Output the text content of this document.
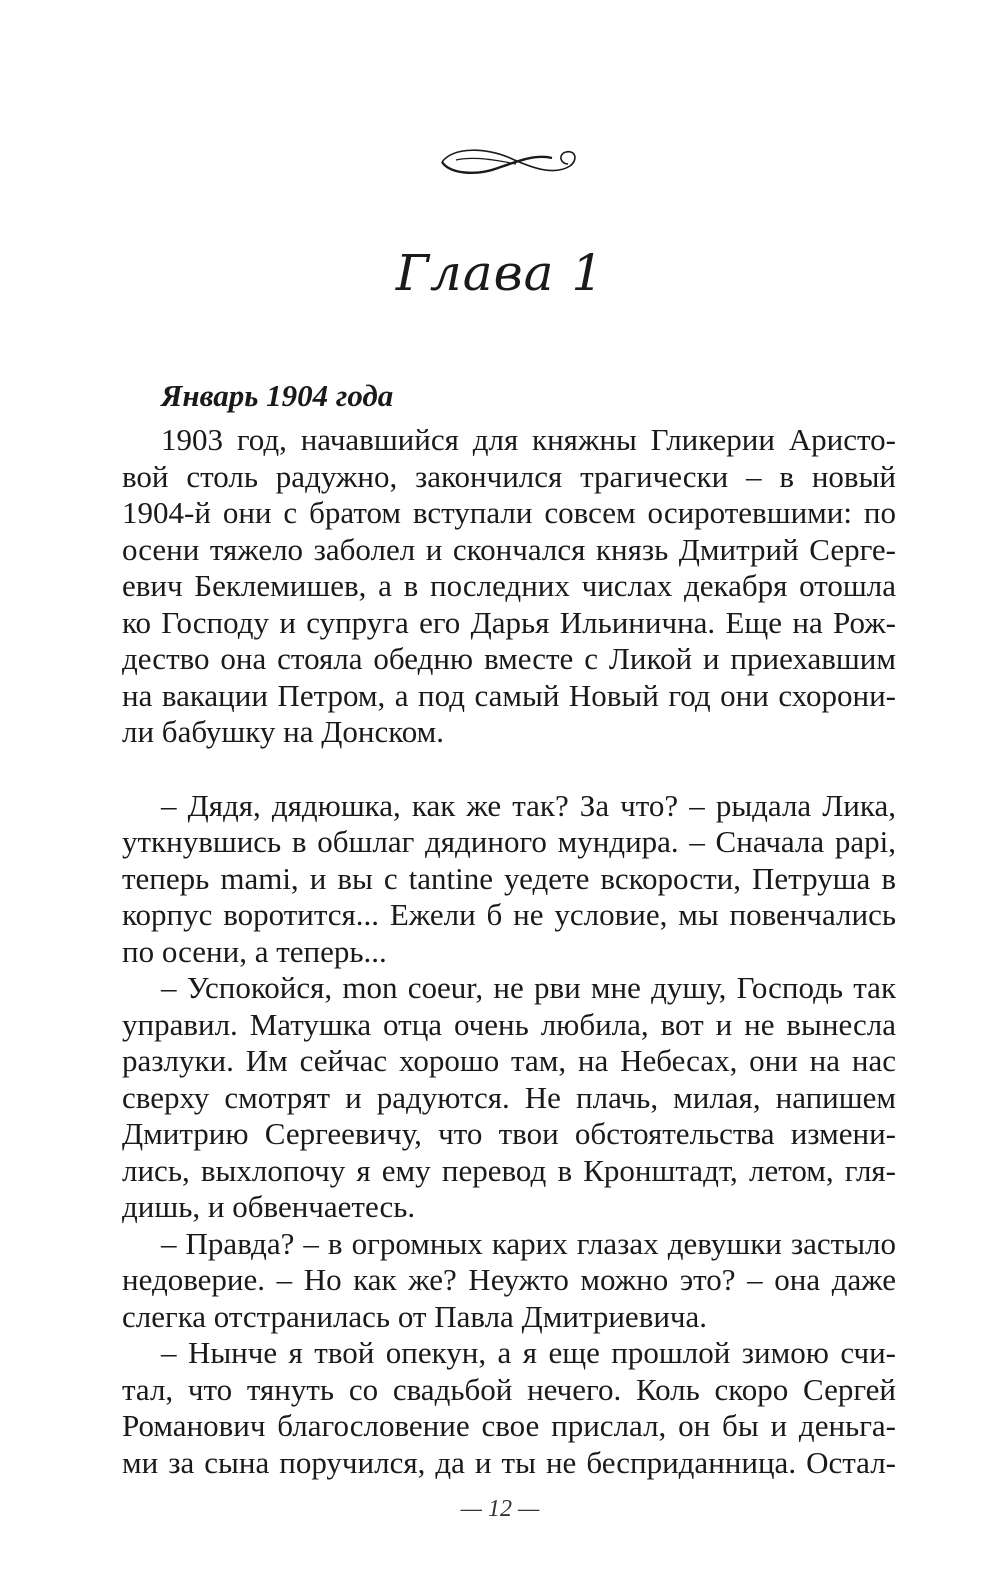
Глава 1
Январь 1904 года

1903 год, начавшийся для княжны Гликерии Аристо-
вой столь радужно, закончился трагически – в новый
1904-й они с братом вступали совсем осиротевшими: по
осени тяжело заболел и скончался князь Дмитрий Серге-
евич Беклемишев, а в последних числах декабря отошла
ко Господу и супруга его Дарья Ильинична. Еще на Рож-
дество она стояла обедню вместе с Ликой и приехавшим
на вакации Петром, а под самый Новый год они схорони-
ли бабушку на Донском.

– Дядя, дядюшка, как же так? За что? – рыдала Лика,
уткнувшись в обшлаг дядиного мундира. – Сначала papi,
теперь mami, и вы с tantine уедете вскорости, Петруша в
корпус воротится... Ежели б не условие, мы повенчались
по осени, а теперь...

– Успокойся, mon coeur, не рви мне душу, Господь так
управил. Матушка отца очень любила, вот и не вынесла
разлуки. Им сейчас хорошо там, на Небесах, они на нас
сверху смотрят и радуются. Не плачь, милая, напишем
Дмитрию Сергеевичу, что твои обстоятельства измени-
лись, выхлопочу я ему перевод в Кронштадт, летом, гля-
дишь, и обвенчаетесь.

– Правда? – в огромных карих глазах девушки застыло
недоверие. – Но как же? Неужто можно это? – она даже
слегка отстранилась от Павла Дмитриевича.

– Нынче я твой опекун, а я еще прошлой зимою счи-
тал, что тянуть со свадьбой нечего. Коль скоро Сергей
Романович благословение свое прислал, он бы и деньга-
ми за сына поручился, да и ты не бесприданница. Остал-

— 12 —
